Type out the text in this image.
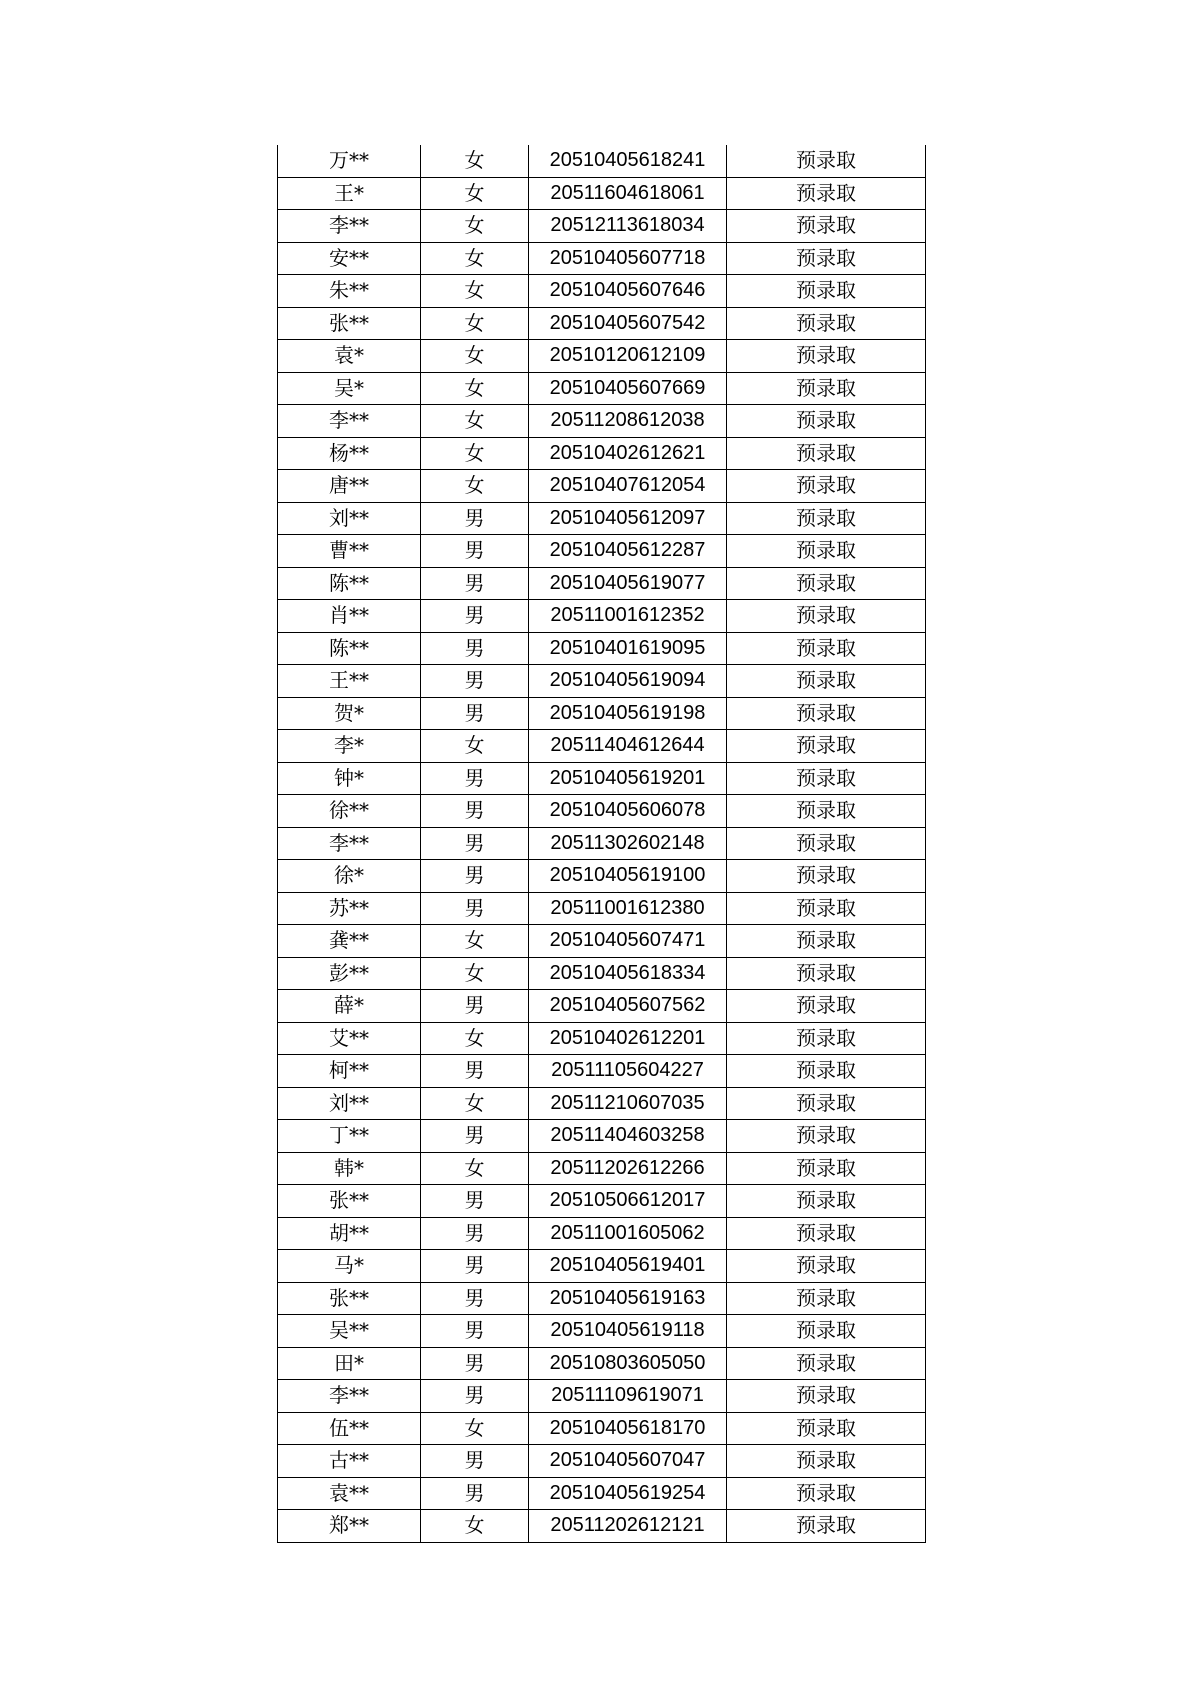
万**	女	20510405618241	预录取
王*	女	20511604618061	预录取
李**	女	20512113618034	预录取
安**	女	20510405607718	预录取
朱**	女	20510405607646	预录取
张**	女	20510405607542	预录取
袁*	女	20510120612109	预录取
吴*	女	20510405607669	预录取
李**	女	20511208612038	预录取
杨**	女	20510402612621	预录取
唐**	女	20510407612054	预录取
刘**	男	20510405612097	预录取
曹**	男	20510405612287	预录取
陈**	男	20510405619077	预录取
肖**	男	20511001612352	预录取
陈**	男	20510401619095	预录取
王**	男	20510405619094	预录取
贺*	男	20510405619198	预录取
李*	女	20511404612644	预录取
钟*	男	20510405619201	预录取
徐**	男	20510405606078	预录取
李**	男	20511302602148	预录取
徐*	男	20510405619100	预录取
苏**	男	20511001612380	预录取
龚**	女	20510405607471	预录取
彭**	女	20510405618334	预录取
薛*	男	20510405607562	预录取
艾**	女	20510402612201	预录取
柯**	男	20511105604227	预录取
刘**	女	20511210607035	预录取
丁**	男	20511404603258	预录取
韩*	女	20511202612266	预录取
张**	男	20510506612017	预录取
胡**	男	20511001605062	预录取
马*	男	20510405619401	预录取
张**	男	20510405619163	预录取
吴**	男	20510405619118	预录取
田*	男	20510803605050	预录取
李**	男	20511109619071	预录取
伍**	女	20510405618170	预录取
古**	男	20510405607047	预录取
袁**	男	20510405619254	预录取
郑**	女	20511202612121	预录取
